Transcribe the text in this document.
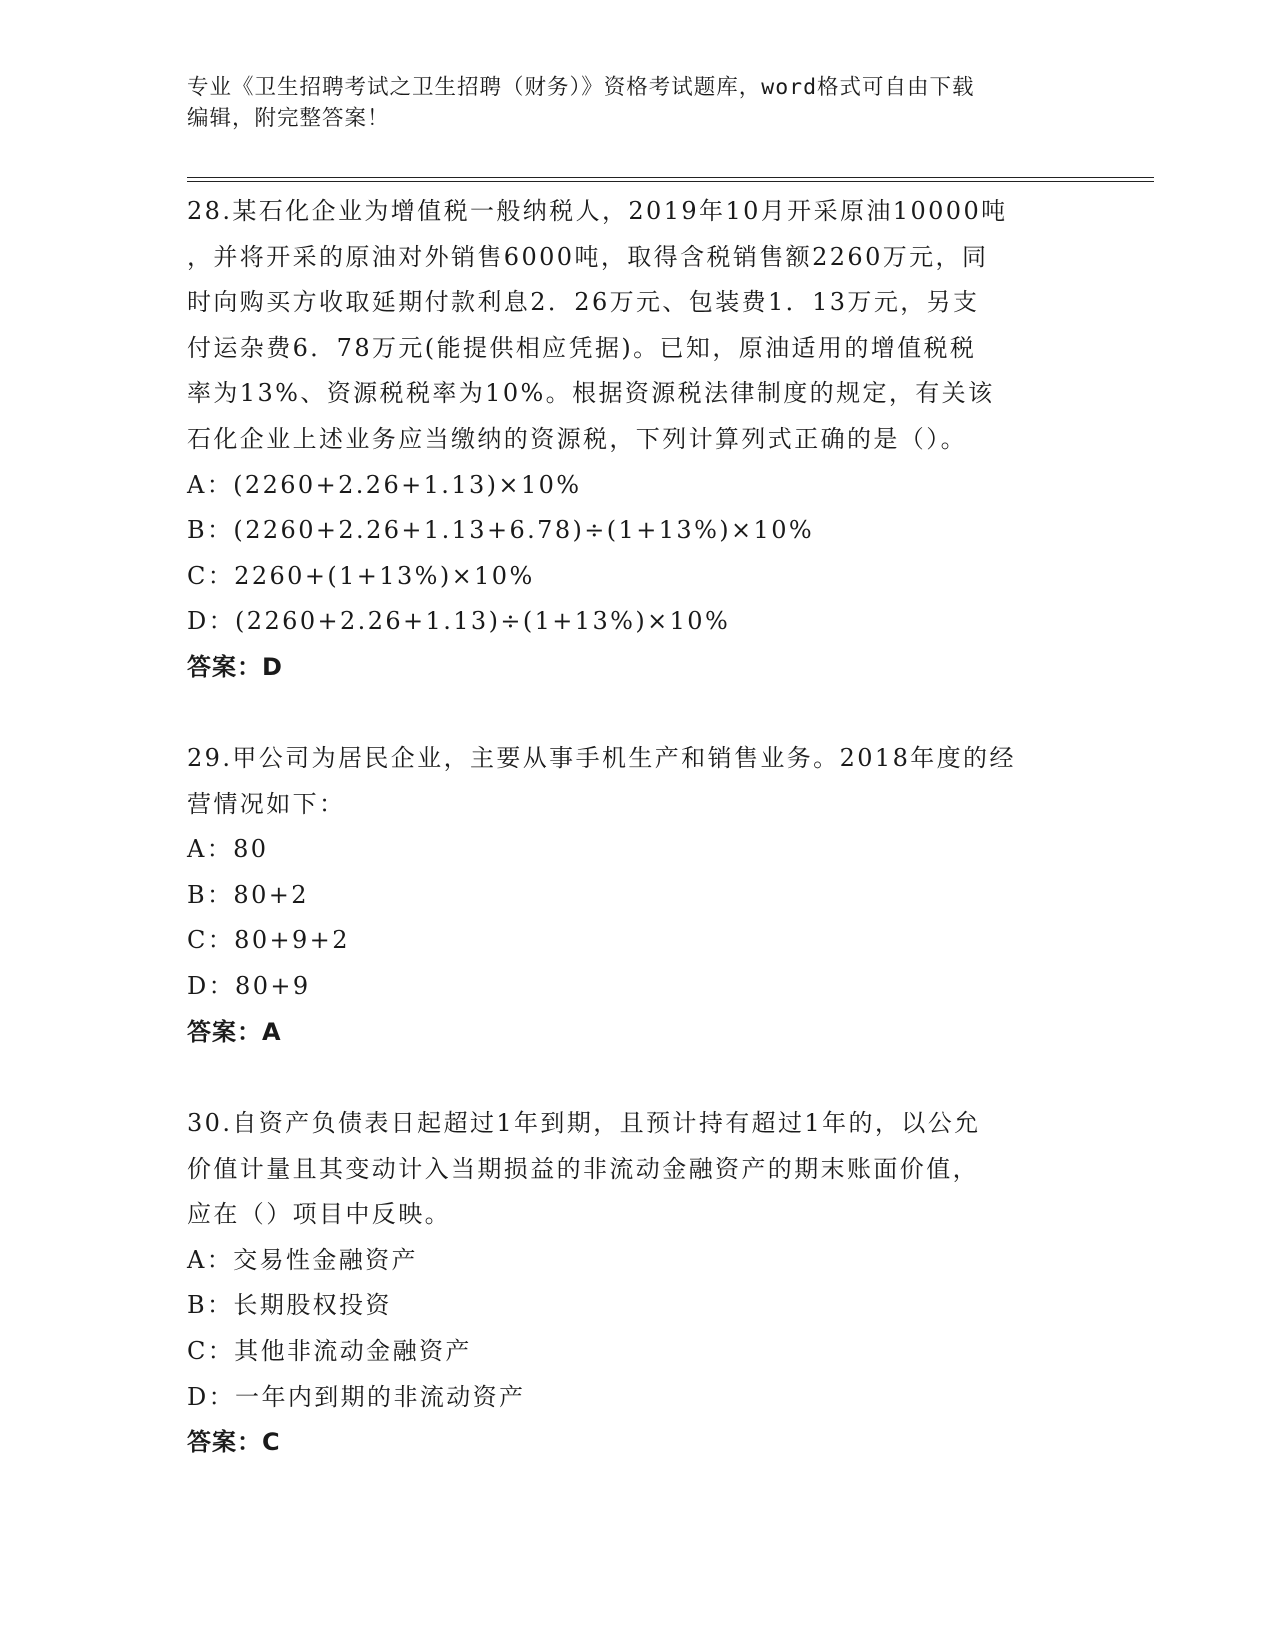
专业《卫生招聘考试之卫生招聘（财务）》资格考试题库，word格式可自由下载
编辑，附完整答案！
28.某石化企业为增值税一般纳税人，2019年10月开采原油10000吨
，并将开采的原油对外销售6000吨，取得含税销售额2260万元，同
时向购买方收取延期付款利息2．26万元、包装费1．13万元，另支
付运杂费6．78万元(能提供相应凭据)。已知，原油适用的增值税税
率为13%、资源税税率为10%。根据资源税法律制度的规定，有关该
石化企业上述业务应当缴纳的资源税，下列计算列式正确的是（）。
A：(2260+2.26+1.13)×10%
B：(2260+2.26+1.13+6.78)÷(1+13%)×10%
C：2260+(1+13%)×10%
D：(2260+2.26+1.13)÷(1+13%)×10%
答案：D
29.甲公司为居民企业，主要从事手机生产和销售业务。2018年度的经
营情况如下：
A：80
B：80+2
C：80+9+2
D：80+9
答案：A
30.自资产负债表日起超过1年到期，且预计持有超过1年的，以公允
价值计量且其变动计入当期损益的非流动金融资产的期末账面价值，
应在（）项目中反映。
A：交易性金融资产
B：长期股权投资
C：其他非流动金融资产
D：一年内到期的非流动资产
答案：C
